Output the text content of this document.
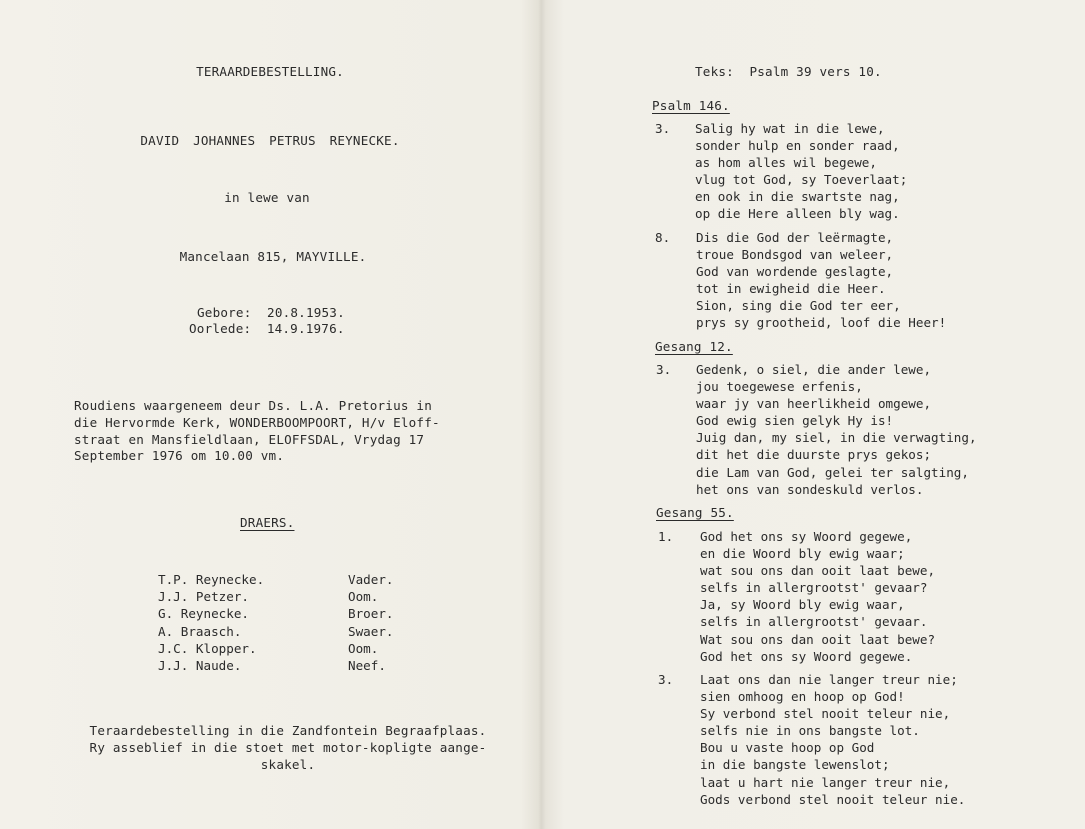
TERAARDEBESTELLING.
DAVID JOHANNES PETRUS REYNECKE.
in lewe van
Mancelaan 815, MAYVILLE.
Gebore:  20.8.1953.
Oorlede:  14.9.1976.
Roudiens waargeneem deur Ds. L.A. Pretorius in
die Hervormde Kerk, WONDERBOOMPOORT, H/v Eloff-
straat en Mansfieldlaan, ELOFFSDAL, Vrydag 17
September 1976 om 10.00 vm.
DRAERS.
T.P. Reynecke.	Vader.
J.J. Petzer.	Oom.
G. Reynecke.	Broer.
A. Braasch.	Swaer.
J.C. Klopper.	Oom.
J.J. Naude.	Neef.
Teraardebestelling in die Zandfontein Begraafplaas.
Ry asseblief in die stoet met motor-kopligte aange-
skakel.
Teks:  Psalm 39 vers 10.
Psalm 146.
3. Salig hy wat in die lewe,
sonder hulp en sonder raad,
as hom alles wil begewe,
vlug tot God, sy Toeverlaat;
en ook in die swartste nag,
op die Here alleen bly wag.
8. Dis die God der leërmagte,
troue Bondsgod van weleer,
God van wordende geslagte,
tot in ewigheid die Heer.
Sion, sing die God ter eer,
prys sy grootheid, loof die Heer!
Gesang 12.
3. Gedenk, o siel, die ander lewe,
jou toegewese erfenis,
waar jy van heerlikheid omgewe,
God ewig sien gelyk Hy is!
Juig dan, my siel, in die verwagting,
dit het die duurste prys gekos;
die Lam van God, gelei ter salgting,
het ons van sondeskuld verlos.
Gesang 55.
1. God het ons sy Woord gegewe,
en die Woord bly ewig waar;
wat sou ons dan ooit laat bewe,
selfs in allergrootst' gevaar?
Ja, sy Woord bly ewig waar,
selfs in allergrootst' gevaar.
Wat sou ons dan ooit laat bewe?
God het ons sy Woord gegewe.
3. Laat ons dan nie langer treur nie;
sien omhoog en hoop op God!
Sy verbond stel nooit teleur nie,
selfs nie in ons bangste lot.
Bou u vaste hoop op God
in die bangste lewenslot;
laat u hart nie langer treur nie,
Gods verbond stel nooit teleur nie.
